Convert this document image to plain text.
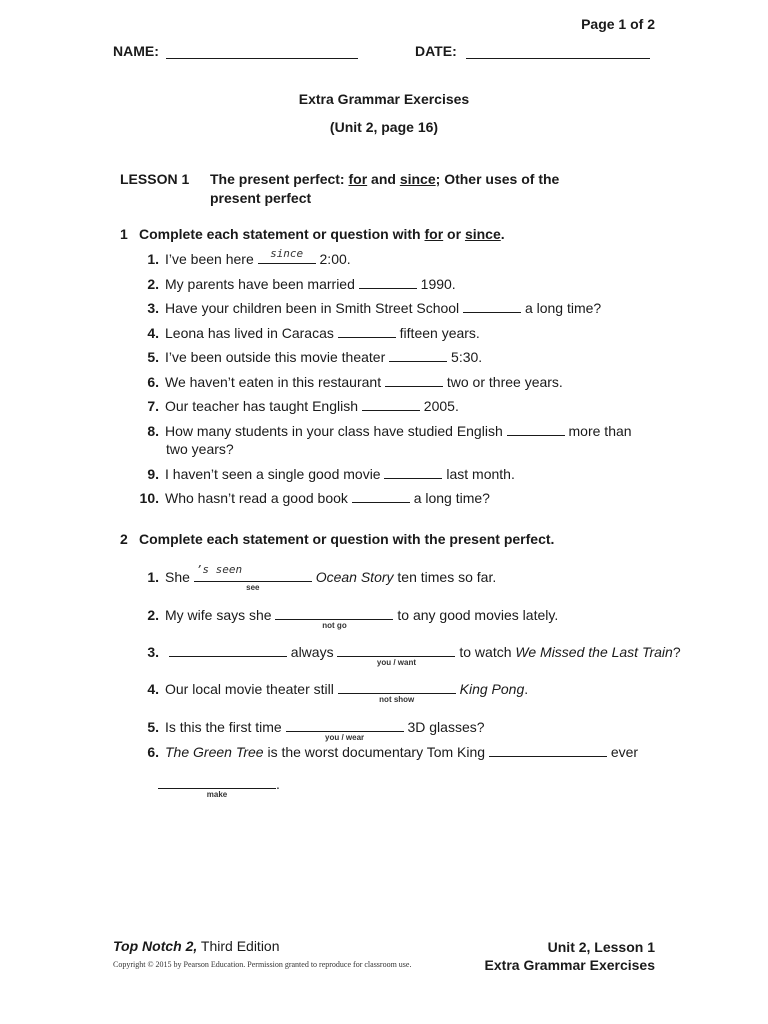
Page 1 of 2
NAME:	DATE:
Extra Grammar Exercises
(Unit 2, page 16)
LESSON 1 The present perfect: for and since; Other uses of the
present perfect
1 Complete each statement or question with for or since.
1. I’ve been here	since	2:00.
2. My parents have been married	1990.
3. Have your children been in Smith Street School	a long time?
4. Leona has lived in Caracas	fifteen years.
5. I’ve been outside this movie theater	5:30.
6. We haven’t eaten in this restaurant	two or three years.
7. Our teacher has taught English	2005.
8. How many students in your class have studied English	more than
two years?
9. I haven’t seen a single good movie	last month.
10. Who hasn’t read a good book	a long time?
2 Complete each statement or question with the present perfect.
1. She ’s seen
see
Ocean Story ten times so far.
2. My wife says she
not go
to any good movies lately.
3.	always
you / want
to watch We Missed the Last Train?
4. Our local movie theater still
not show
King Pong.
5. Is this the first time
you / wear
3D glasses?
6. The Green Tree is the worst documentary Tom King	ever
make
.
Top Notch 2, Third Edition
Copyright © 2015 by Pearson Education. Permission granted to reproduce for classroom use.
Unit 2, Lesson 1
Extra Grammar Exercises
